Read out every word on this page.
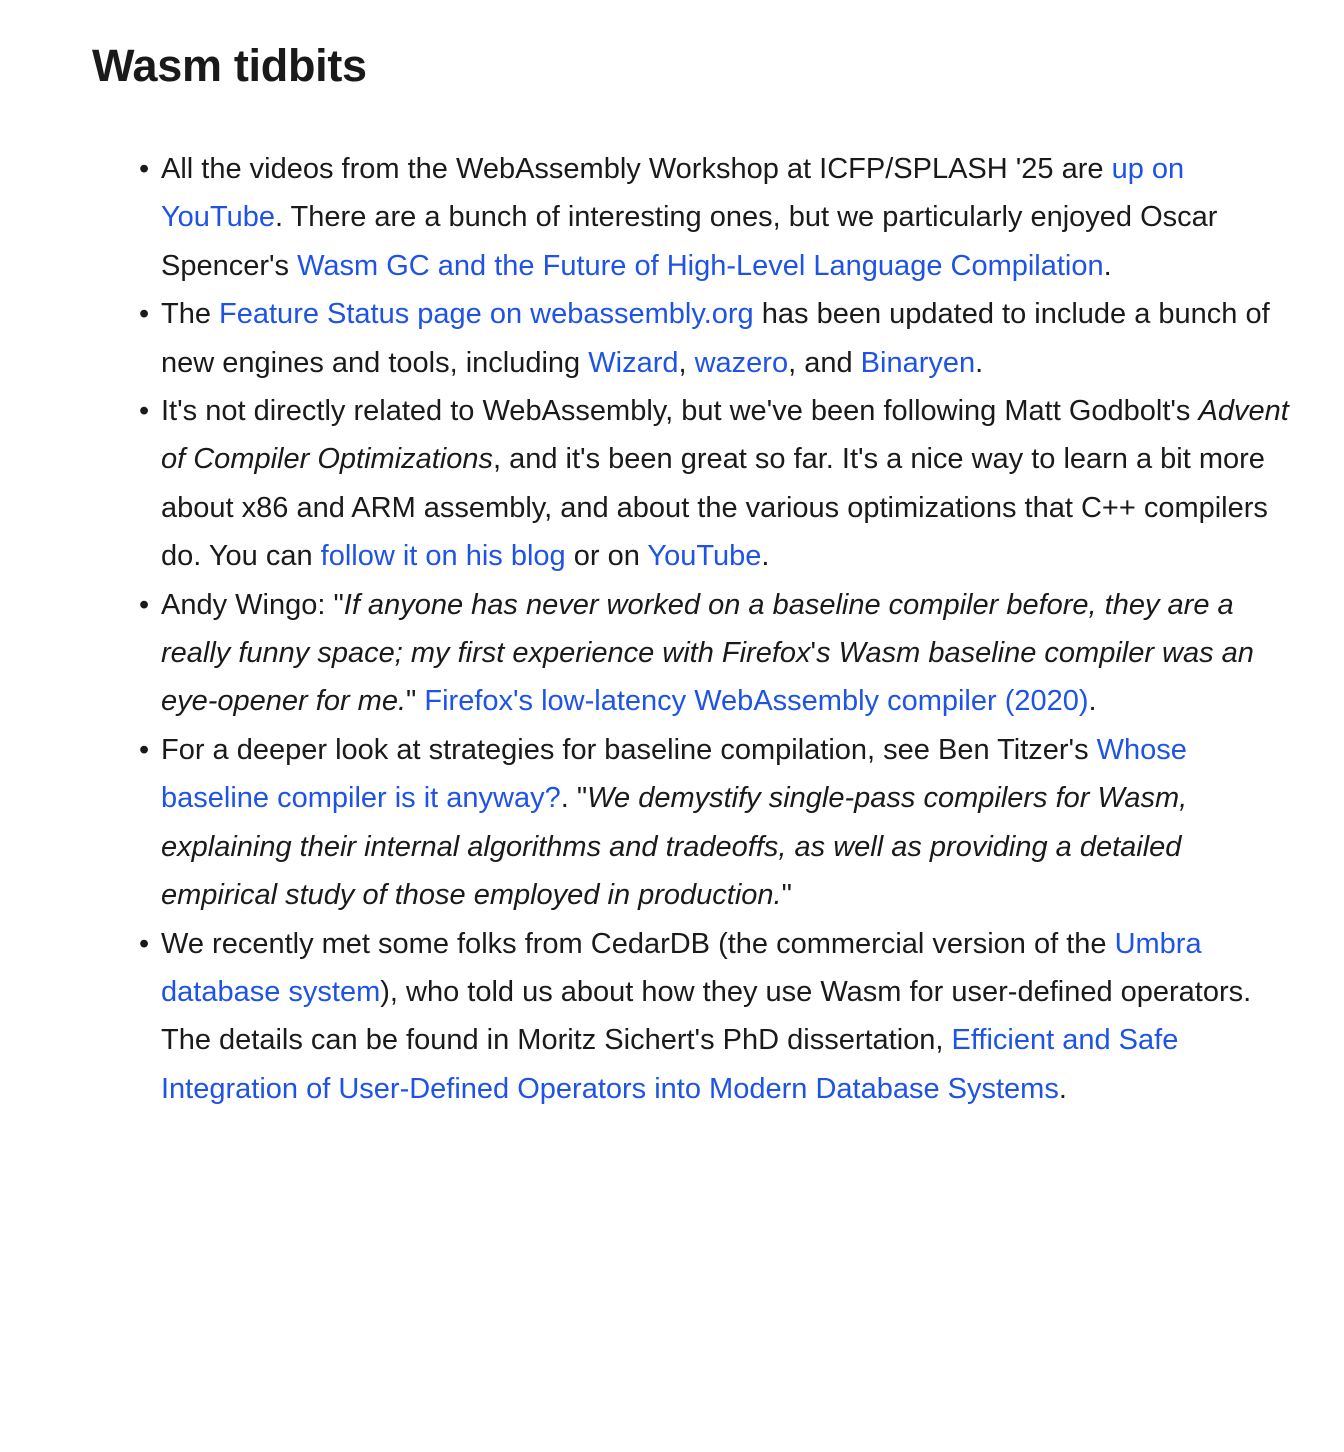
Wasm tidbits
• All the videos from the WebAssembly Workshop at ICFP/SPLASH '25 are up on YouTube. There are a bunch of interesting ones, but we particularly enjoyed Oscar Spencer's Wasm GC and the Future of High-Level Language Compilation.
• The Feature Status page on webassembly.org has been updated to include a bunch of new engines and tools, including Wizard, wazero, and Binaryen.
• It's not directly related to WebAssembly, but we've been following Matt Godbolt's Advent of Compiler Optimizations, and it's been great so far. It's a nice way to learn a bit more about x86 and ARM assembly, and about the various optimizations that C++ compilers do. You can follow it on his blog or on YouTube.
• Andy Wingo: "If anyone has never worked on a baseline compiler before, they are a really funny space; my first experience with Firefox's Wasm baseline compiler was an eye-opener for me." Firefox's low-latency WebAssembly compiler (2020).
• For a deeper look at strategies for baseline compilation, see Ben Titzer's Whose baseline compiler is it anyway?. "We demystify single-pass compilers for Wasm, explaining their internal algorithms and tradeoffs, as well as providing a detailed empirical study of those employed in production."
• We recently met some folks from CedarDB (the commercial version of the Umbra database system), who told us about how they use Wasm for user-defined operators. The details can be found in Moritz Sichert's PhD dissertation, Efficient and Safe Integration of User-Defined Operators into Modern Database Systems.
